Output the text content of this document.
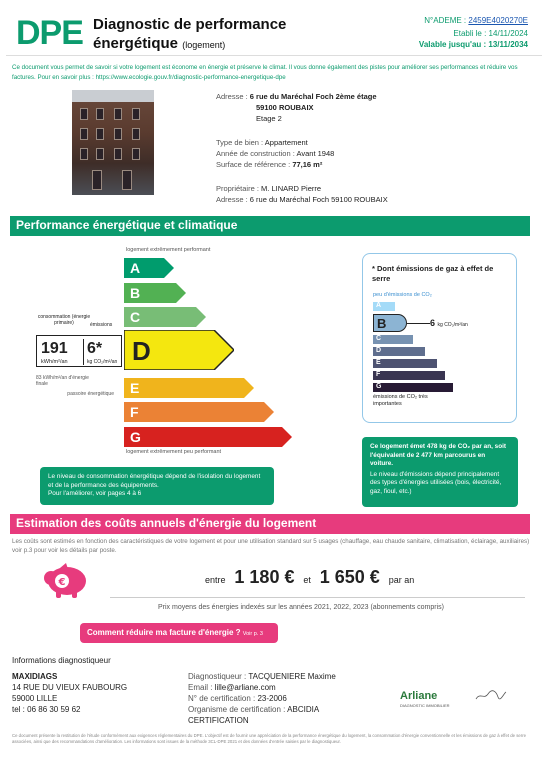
DPE Diagnostic de performance
énergétique (logement)
N°ADEME : 2459E4020270E
Etabli le : 14/11/2024
Valable jusqu'au : 13/11/2034
Ce document vous permet de savoir si votre logement est économe en énergie et préserve le climat. Il vous donne également des pistes pour améliorer ses performances et réduire vos factures. Pour en savoir plus : https://www.ecologie.gouv.fr/diagnostic-performance-energetique-dpe
Adresse : 6 rue du Maréchal Foch 2ème étage
59100 ROUBAIX
Etage 2
Type de bien : Appartement
Année de construction : Avant 1948
Surface de référence : 77,16 m²
Propriétaire : M. LINARD Pierre
Adresse : 6 rue du Maréchal Foch 59100 ROUBAIX
Performance énergétique et climatique
logement extrêmement performant
A
B
C
D
E
F
G
logement extrêmement peu performant
consommation (énergie primaire)	émissions
191
kWh/m²/an
6*
kg CO₂/m²/an
83 kWh/m²/an d'énergie finale
passoire énergétique
Le niveau de consommation énergétique dépend de l'isolation du logement et de la performance des équipements.
Pour l'améliorer, voir pages 4 à 6
* Dont émissions de gaz à effet de serre
peu d'émissions de CO₂
A
B
C
D
E
F
G
6 kg CO₂/m²/an
émissions de CO₂ très importantes
Ce logement émet 478 kg de CO₂ par an, soit l'équivalent de 2 477 km parcourus en voiture.
Le niveau d'émissions dépend principalement des types d'énergies utilisées (bois, électricité, gaz, fioul, etc.)
Estimation des coûts annuels d'énergie du logement
Les coûts sont estimés en fonction des caractéristiques de votre logement et pour une utilisation standard sur 5 usages (chauffage, eau chaude sanitaire, climatisation, éclairage, auxiliaires) voir p.3 pour voir les détails par poste.
€	entre 1 180 € et 1 650 € par an
Prix moyens des énergies indexés sur les années 2021, 2022, 2023 (abonnements compris)
Comment réduire ma facture d'énergie ? Voir p. 3
Informations diagnostiqueur
MAXIDIAGS
14 RUE DU VIEUX FAUBOURG
59000 LILLE
tel : 06 86 30 59 62
Diagnostiqueur : TACQUENIERE Maxime
Email : lille@arliane.com
N° de certification : 23-2006
Organisme de certification : ABCIDIA
CERTIFICATION
Arliane
DIAGNOSTIC IMMOBILIER
Ce document présente la restitution de l'étude conformément aux exigences réglementaires du DPE. L'objectif est de fournir une appréciation de la performance énergétique du logement, la consommation d'énergie conventionnelle et les émissions de gaz à effet de serre associées, ainsi que des recommandations d'amélioration. Les informations sont issues de la méthode 3CL-DPE 2021 et des données d'entrée saisies par le diagnostiqueur.
